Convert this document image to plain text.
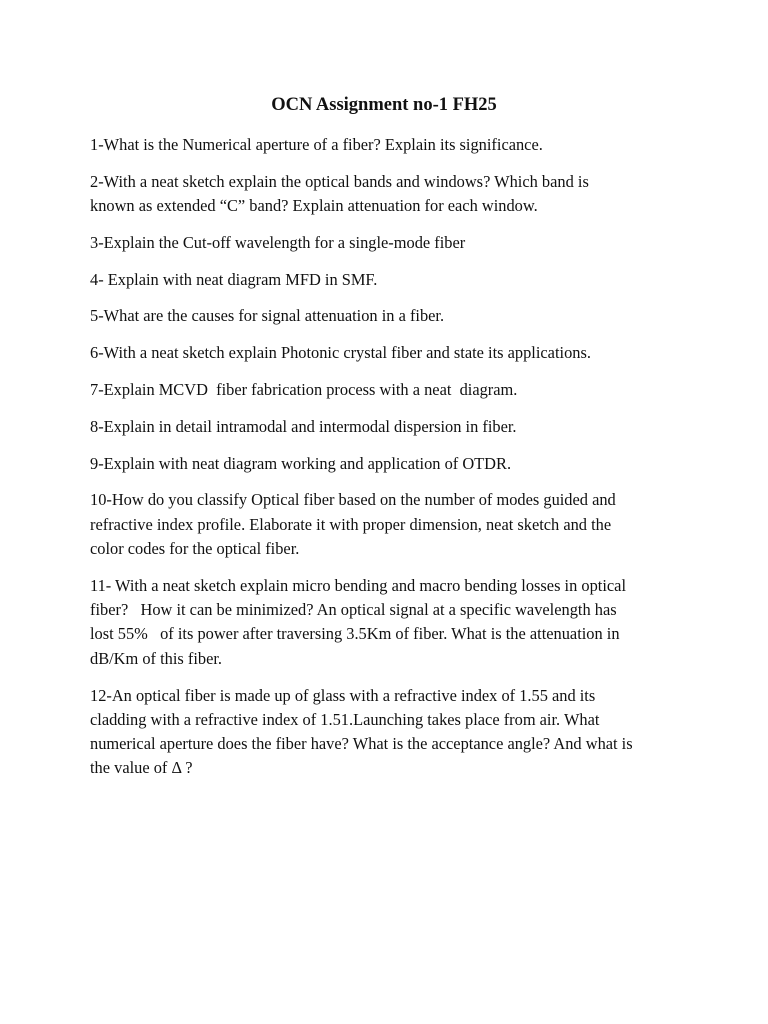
OCN Assignment no-1 FH25
1-What is the Numerical aperture of a fiber? Explain its significance.
2-With a neat sketch explain the optical bands and windows? Which band is
known as extended “C” band? Explain attenuation for each window.
3-Explain the Cut-off wavelength for a single-mode fiber
4- Explain with neat diagram MFD in SMF.
5-What are the causes for signal attenuation in a fiber.
6-With a neat sketch explain Photonic crystal fiber and state its applications.
7-Explain MCVD  fiber fabrication process with a neat  diagram.
8-Explain in detail intramodal and intermodal dispersion in fiber.
9-Explain with neat diagram working and application of OTDR.
10-How do you classify Optical fiber based on the number of modes guided and
refractive index profile. Elaborate it with proper dimension, neat sketch and the
color codes for the optical fiber.
11- With a neat sketch explain micro bending and macro bending losses in optical
fiber?   How it can be minimized? An optical signal at a specific wavelength has
lost 55%   of its power after traversing 3.5Km of fiber. What is the attenuation in
dB/Km of this fiber.
12-An optical fiber is made up of glass with a refractive index of 1.55 and its
cladding with a refractive index of 1.51.Launching takes place from air. What
numerical aperture does the fiber have? What is the acceptance angle? And what is
the value of Δ ?
